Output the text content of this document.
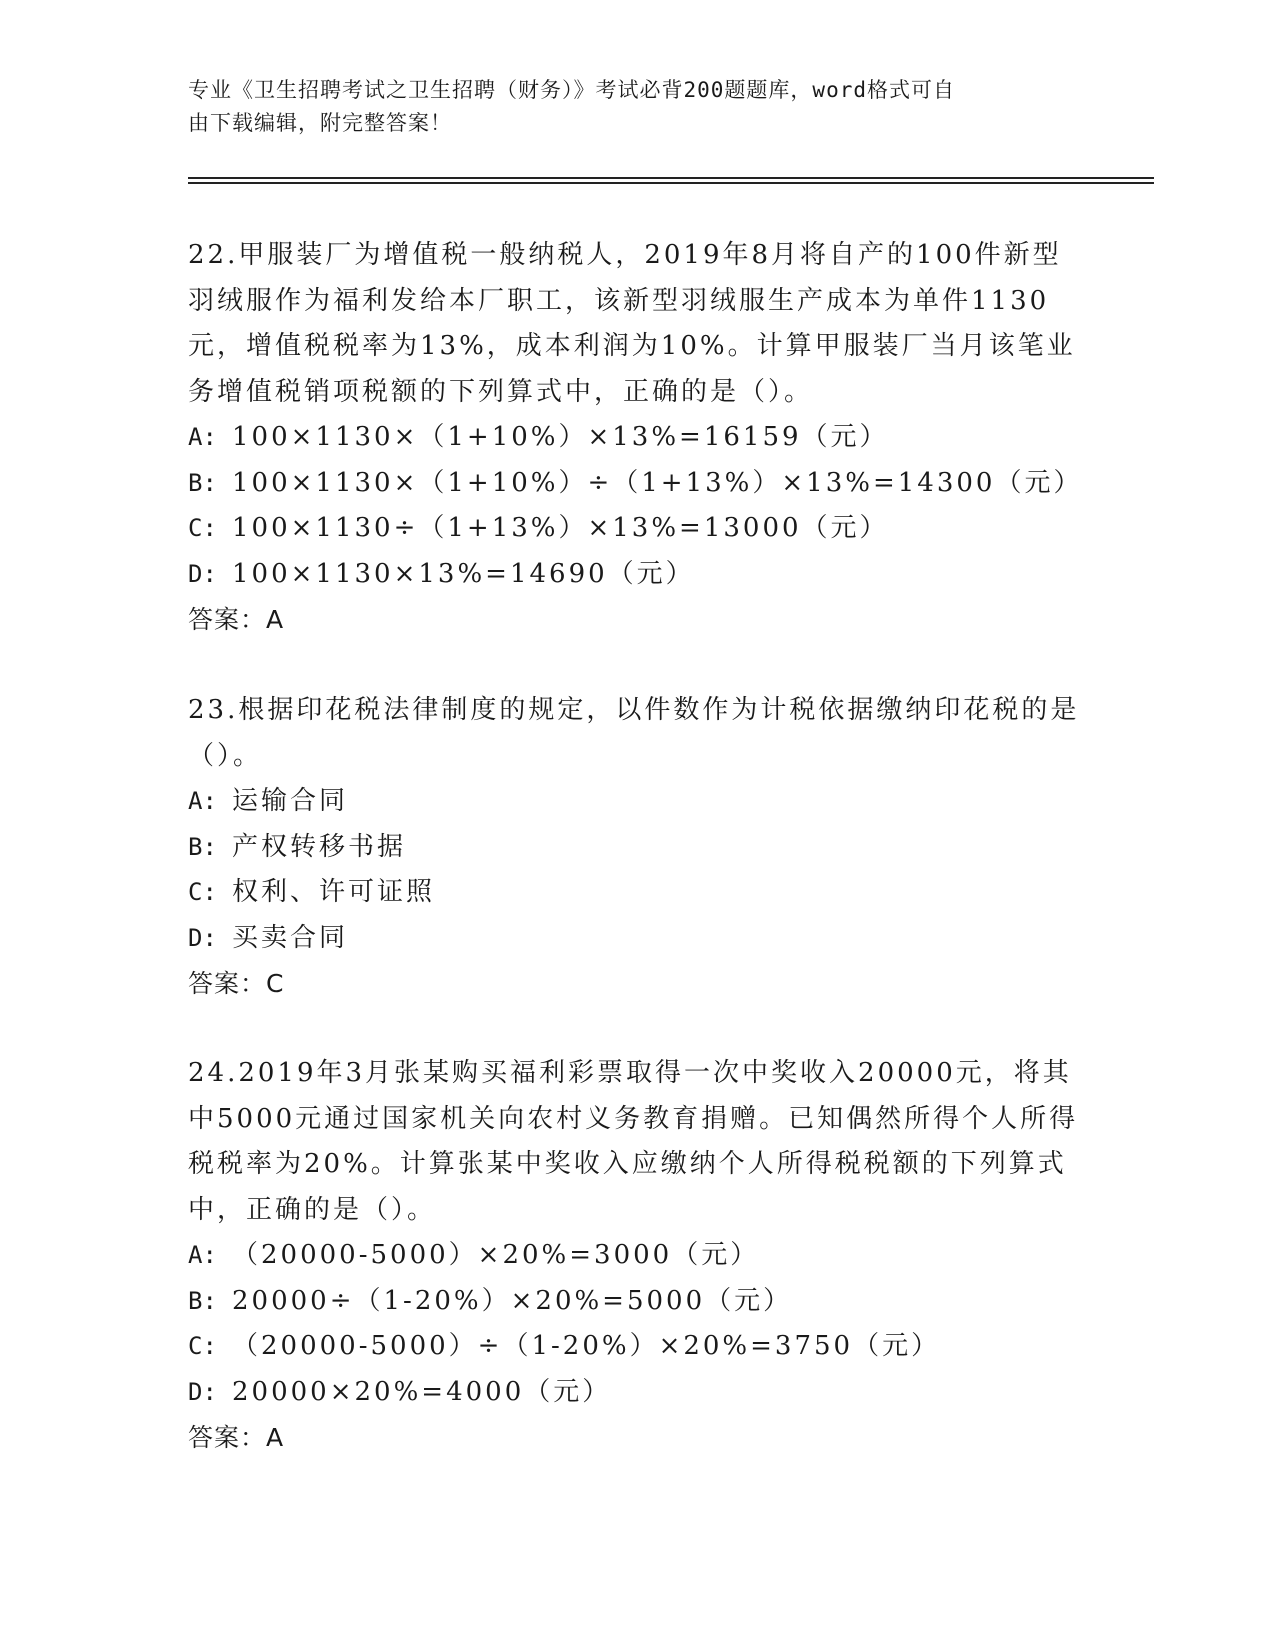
专业《卫生招聘考试之卫生招聘（财务）》考试必背200题题库，word格式可自
由下载编辑，附完整答案！

22.甲服装厂为增值税一般纳税人，2019年8月将自产的100件新型羽绒服作为福利发给本厂职工，该新型羽绒服生产成本为单件1130元，增值税税率为13%，成本利润为10%。计算甲服装厂当月该笔业务增值税销项税额的下列算式中，正确的是（）。

A: 100×1130×（1+10%）×13%=16159（元）
B: 100×1130×（1+10%）÷（1+13%）×13%=14300（元）
C: 100×1130÷（1+13%）×13%=13000（元）
D: 100×1130×13%=14690（元）
答案：A

23.根据印花税法律制度的规定，以件数作为计税依据缴纳印花税的是（）。

A: 运输合同
B: 产权转移书据
C: 权利、许可证照
D: 买卖合同
答案：C

24.2019年3月张某购买福利彩票取得一次中奖收入20000元，将其中5000元通过国家机关向农村义务教育捐赠。已知偶然所得个人所得税税率为20%。计算张某中奖收入应缴纳个人所得税税额的下列算式中，正确的是（）。

A: （20000-5000）×20%=3000（元）
B: 20000÷（1-20%）×20%=5000（元）
C: （20000-5000）÷（1-20%）×20%=3750（元）
D: 20000×20%=4000（元）
答案：A
